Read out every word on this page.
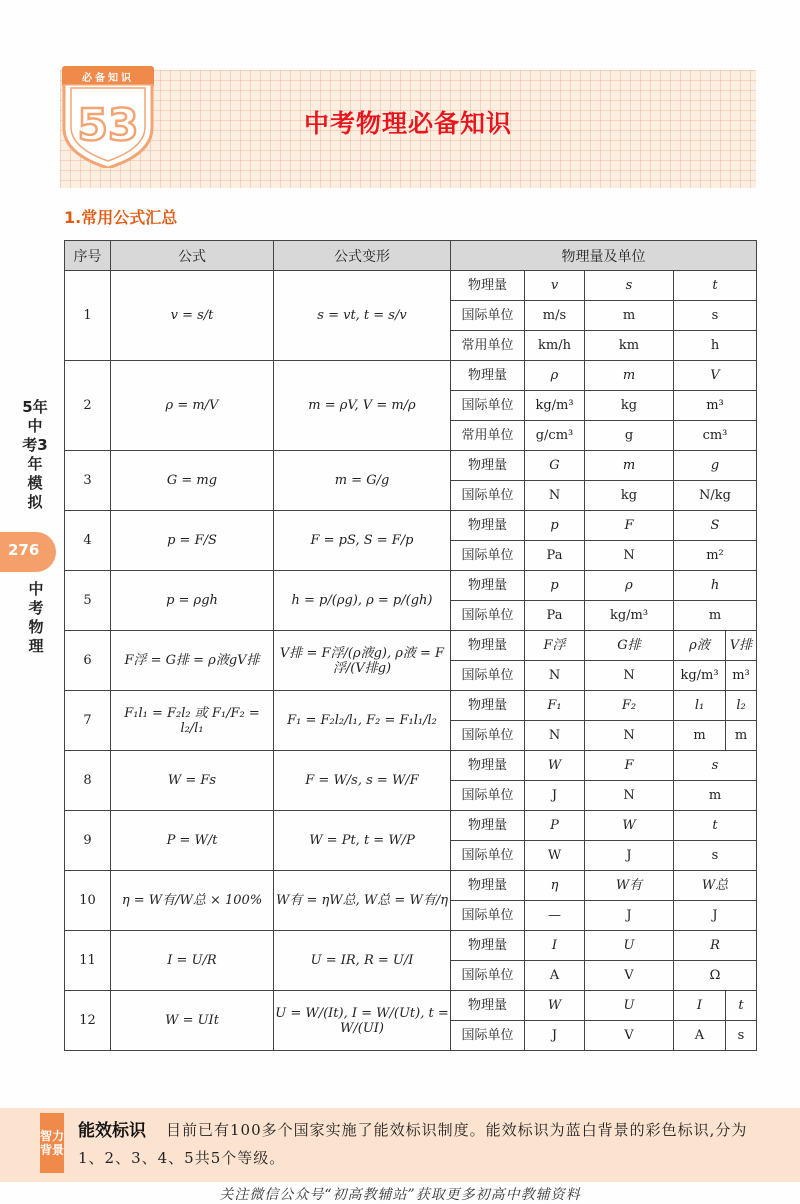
5年中考3年模拟
276
中考物理
必备知识
53	中考物理必备知识
1.常用公式汇总
序号	公式	公式变形	物理量及单位				
1	v = s/t	s = vt, t = s/v	物理量	v	s	t	
			国际单位	m/s	m	s	
			常用单位	km/h	km	h	
2	ρ = m/V	m = ρV, V = m/ρ	物理量	ρ	m	V	
			国际单位	kg/m³	kg	m³	
			常用单位	g/cm³	g	cm³	
3	G = mg	m = G/g	物理量	G	m	g	
			国际单位	N	kg	N/kg	
4	p = F/S	F = pS, S = F/p	物理量	p	F	S	
			国际单位	Pa	N	m²	
5	p = ρgh	h = p/(ρg), ρ = p/(gh)	物理量	p	ρ	h	
			国际单位	Pa	kg/m³	m	
6	F浮 = G排 = ρ液gV排	V排 = F浮/(ρ液g), ρ液 = F浮/(V排g)	物理量	F浮	G排	ρ液	V排
			国际单位	N	N	kg/m³	m³
7	F₁l₁ = F₂l₂ 或 F₁/F₂ = l₂/l₁	F₁ = F₂l₂/l₁, F₂ = F₁l₁/l₂	物理量	F₁	F₂	l₁	l₂
			国际单位	N	N	m	m
8	W = Fs	F = W/s, s = W/F	物理量	W	F	s	
			国际单位	J	N	m	
9	P = W/t	W = Pt, t = W/P	物理量	P	W	t	
			国际单位	W	J	s	
10	η = W有/W总 × 100%	W有 = ηW总, W总 = W有/η	物理量	η	W有	W总	
			国际单位	—	J	J	
11	I = U/R	U = IR, R = U/I	物理量	I	U	R	
			国际单位	A	V	Ω	
12	W = UIt	U = W/(It), I = W/(Ut), t = W/(UI)	物理量	W	U	I	t
			国际单位	J	V	A	s
智力背景
目前已有100多个国家实施了能效标识制度。能效标识为蓝白背景的彩色标识,分为1、2、3、4、5共5个等级。
能效标识
关注微信公众号“初高教辅站”获取更多初高中教辅资料
